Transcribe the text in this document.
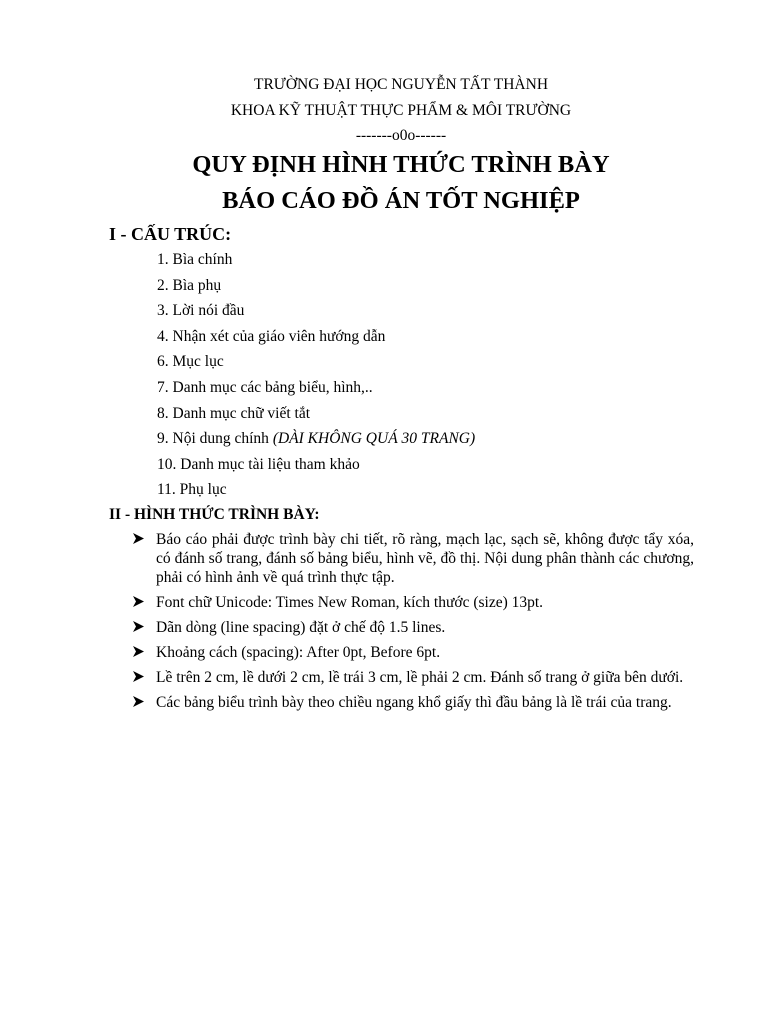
TRƯỜNG ĐẠI HỌC NGUYỄN TẤT THÀNH
KHOA KỸ THUẬT THỰC PHẨM & MÔI TRƯỜNG
-------o0o------
QUY ĐỊNH HÌNH THỨC TRÌNH BÀY
BÁO CÁO ĐỒ ÁN TỐT NGHIỆP
I - CẤU TRÚC:
1. Bìa chính
2. Bìa phụ
3. Lời nói đầu
4. Nhận xét của giáo viên hướng dẫn
6. Mục lục
7. Danh mục các bảng biểu, hình,..
8. Danh mục chữ viết tắt
9. Nội dung chính (DÀI KHÔNG QUÁ 30 TRANG)
10. Danh mục tài liệu tham khảo
11. Phụ lục
II - HÌNH THỨC TRÌNH BÀY:
Báo cáo phải được trình bày chi tiết, rõ ràng, mạch lạc, sạch sẽ, không được tẩy xóa, có đánh số trang, đánh số bảng biểu, hình vẽ, đồ thị. Nội dung phân thành các chương, phải có hình ảnh về quá trình thực tập.
Font chữ Unicode: Times New Roman, kích thước (size) 13pt.
Dãn dòng (line spacing) đặt ở chế độ 1.5 lines.
Khoảng cách (spacing): After 0pt, Before 6pt.
Lề trên 2 cm, lề dưới 2 cm, lề trái 3 cm, lề phải 2 cm. Đánh số trang ở giữa bên dưới.
Các bảng biểu trình bày theo chiều ngang khổ giấy thì đầu bảng là lề trái của trang.
